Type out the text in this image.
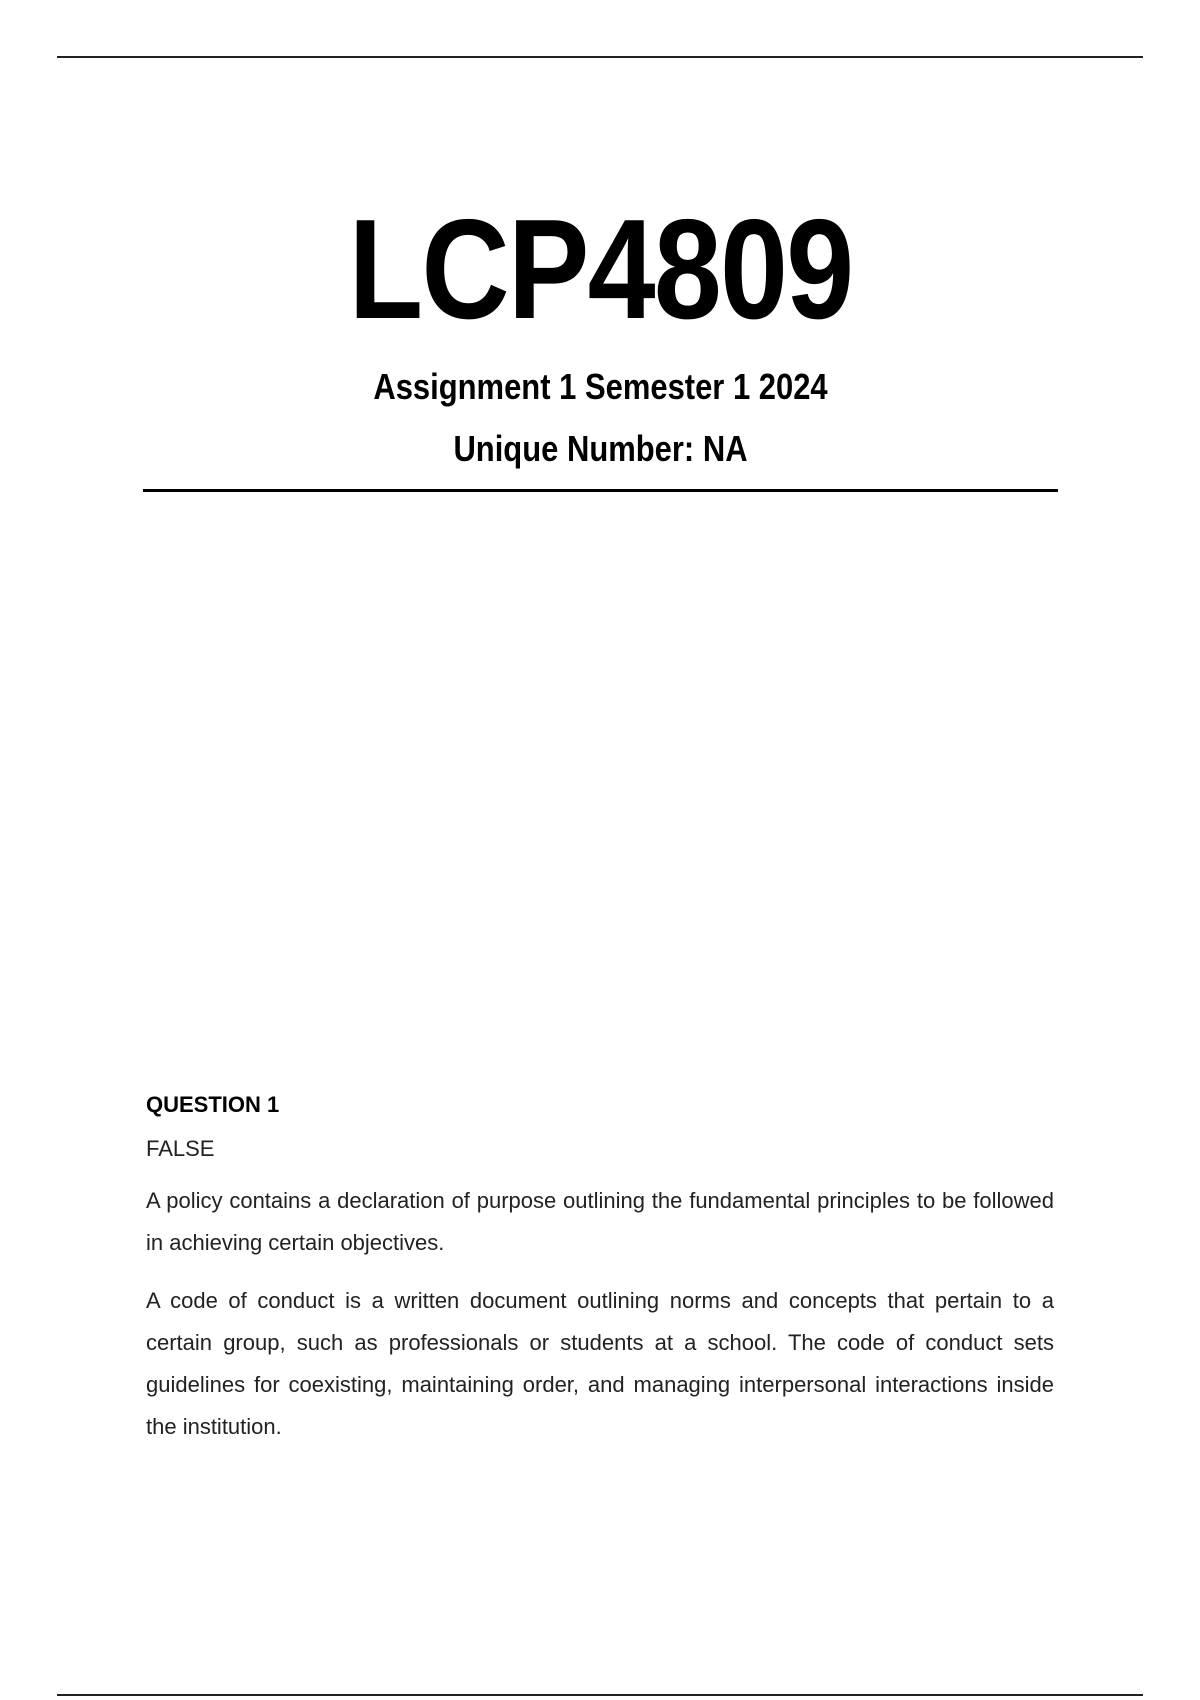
LCP4809

Assignment 1 Semester 1 2024

Unique Number: NA

QUESTION 1

FALSE

A policy contains a declaration of purpose outlining the fundamental principles to be followed in achieving certain objectives.

A code of conduct is a written document outlining norms and concepts that pertain to a certain group, such as professionals or students at a school. The code of conduct sets guidelines for coexisting, maintaining order, and managing interpersonal interactions inside the institution.
